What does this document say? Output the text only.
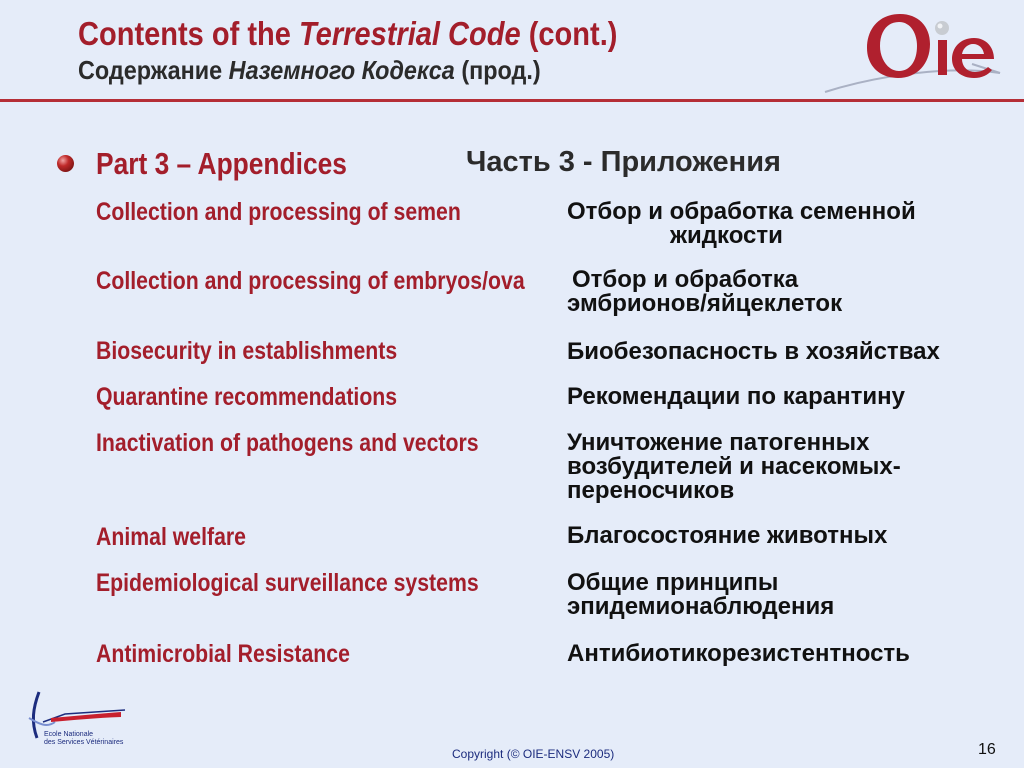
Contents of the Terrestrial Code (cont.)
Содержание Наземного Кодекса (прод.)
Part 3 – Appendices	Часть 3 - Приложения
Collection and processing of semen	Отбор и обработка семенной
жидкости
Collection and processing of embryos/ova Отбор и обработка
эмбрионов/яйцеклеток
Biosecurity in establishments	Биобезопасность в хозяйствах
Quarantine recommendations	Рекомендации по карантину
Inactivation of pathogens and vectors	Уничтожение патогенных
возбудителей и насекомых-
переносчиков
Animal welfare	Благосостояние животных
Epidemiological surveillance systems	Общие принципы
эпидемионаблюдения
Antimicrobial Resistance	Антибиотикорезистентность
Ecole Nationale
des Services Vétérinaires
Copyright (© OIE-ENSV 2005)	16
